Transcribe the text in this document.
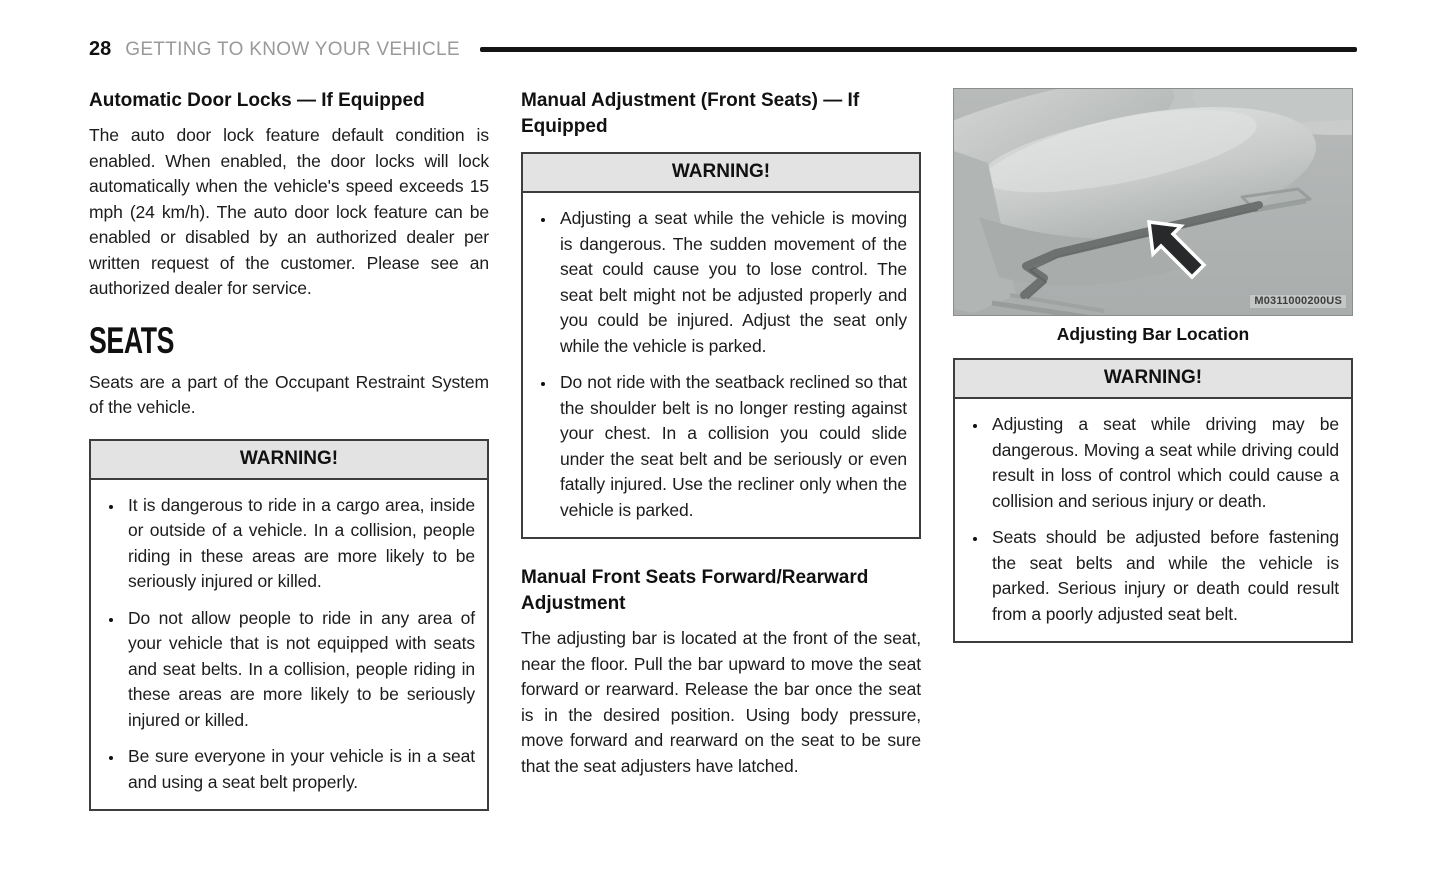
28 GETTING TO KNOW YOUR VEHICLE
Automatic Door Locks — If Equipped

The auto door lock feature default condition is enabled. When enabled, the door locks will lock automatically when the vehicle's speed exceeds 15 mph (24 km/h). The auto door lock feature can be enabled or disabled by an authorized dealer per written request of the customer. Please see an authorized dealer for service.

SEATS

Seats are a part of the Occupant Restraint System of the vehicle.

WARNING!
• It is dangerous to ride in a cargo area, inside or outside of a vehicle. In a collision, people riding in these areas are more likely to be seriously injured or killed.
• Do not allow people to ride in any area of your vehicle that is not equipped with seats and seat belts. In a collision, people riding in these areas are more likely to be seriously injured or killed.
• Be sure everyone in your vehicle is in a seat and using a seat belt properly.
Manual Adjustment (Front Seats) — If Equipped
WARNING!
• Adjusting a seat while the vehicle is moving is dangerous. The sudden movement of the seat could cause you to lose control. The seat belt might not be adjusted properly and you could be injured. Adjust the seat only while the vehicle is parked.
• Do not ride with the seatback reclined so that the shoulder belt is no longer resting against your chest. In a collision you could slide under the seat belt and be seriously or even fatally injured. Use the recliner only when the vehicle is parked.
Manual Front Seats Forward/Rearward Adjustment

The adjusting bar is located at the front of the seat, near the floor. Pull the bar upward to move the seat forward or rearward. Release the bar once the seat is in the desired position. Using body pressure, move forward and rearward on the seat to be sure that the seat adjusters have latched.

M0311000200US
Adjusting Bar Location
WARNING!
• Adjusting a seat while driving may be dangerous. Moving a seat while driving could result in loss of control which could cause a collision and serious injury or death.
• Seats should be adjusted before fastening the seat belts and while the vehicle is parked. Serious injury or death could result from a poorly adjusted seat belt.
